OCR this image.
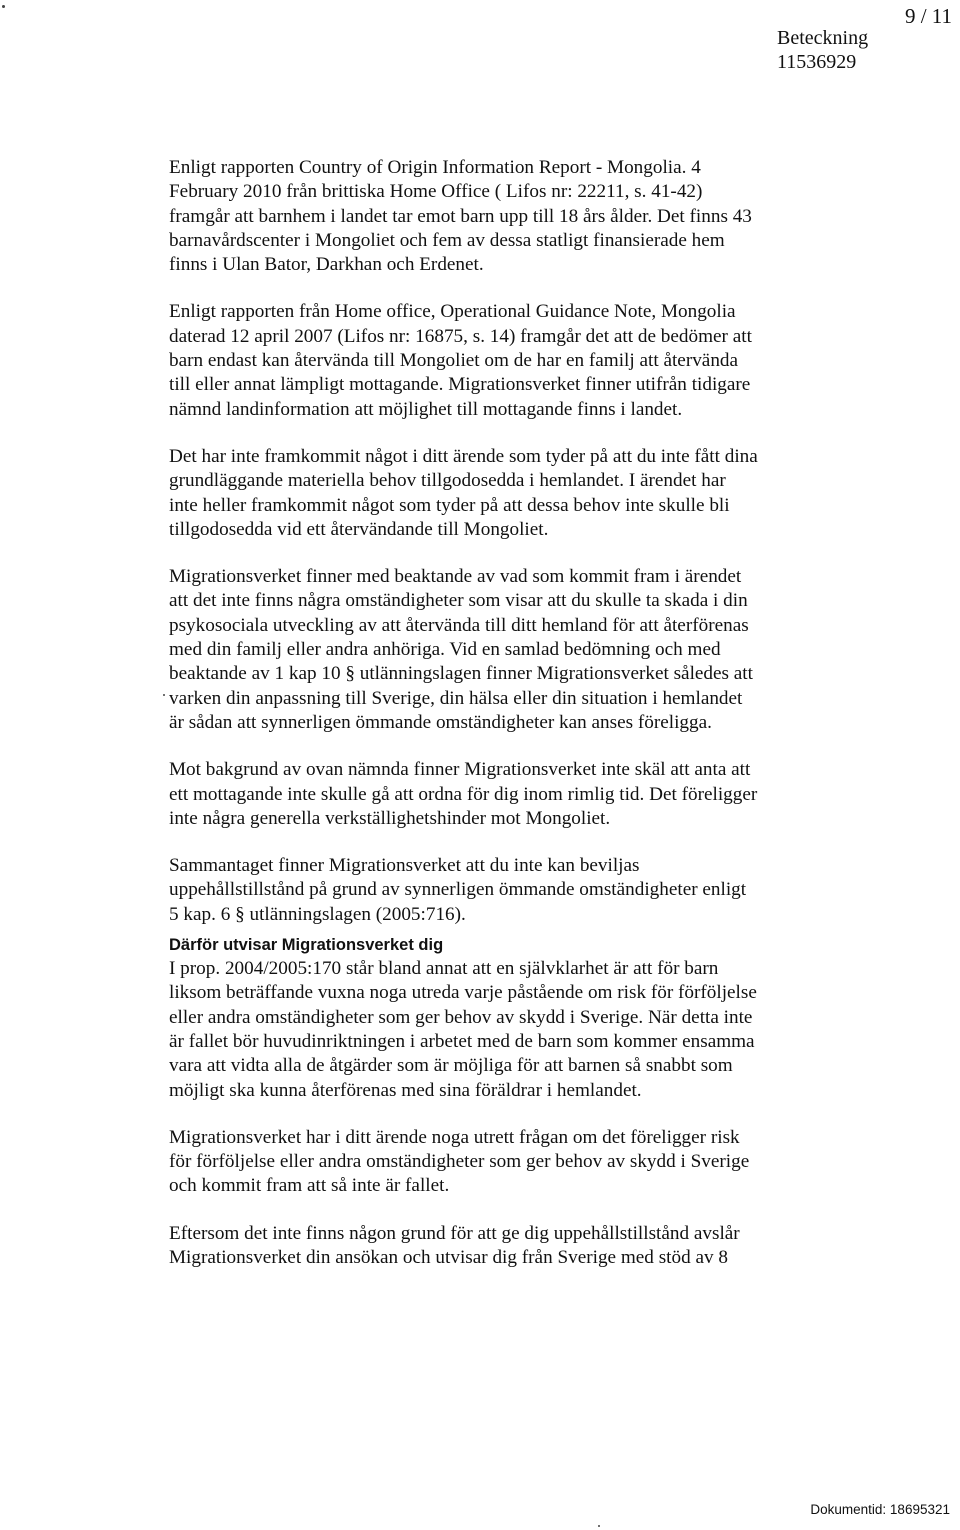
9 / 11
Beteckning
11536929

Enligt rapporten Country of Origin Information Report - Mongolia. 4
February 2010 från brittiska Home Office ( Lifos nr: 22211, s. 41-42)
framgår att barnhem i landet tar emot barn upp till 18 års ålder. Det finns 43
barnavårdscenter i Mongoliet och fem av dessa statligt finansierade hem
finns i Ulan Bator, Darkhan och Erdenet.

Enligt rapporten från Home office, Operational Guidance Note, Mongolia
daterad 12 april 2007 (Lifos nr: 16875, s. 14) framgår det att de bedömer att
barn endast kan återvända till Mongoliet om de har en familj att återvända
till eller annat lämpligt mottagande. Migrationsverket finner utifrån tidigare
nämnd landinformation att möjlighet till mottagande finns i landet.

Det har inte framkommit något i ditt ärende som tyder på att du inte fått dina
grundläggande materiella behov tillgodosedda i hemlandet. I ärendet har
inte heller framkommit något som tyder på att dessa behov inte skulle bli
tillgodosedda vid ett återvändande till Mongoliet.

Migrationsverket finner med beaktande av vad som kommit fram i ärendet
att det inte finns några omständigheter som visar att du skulle ta skada i din
psykosociala utveckling av att återvända till ditt hemland för att återförenas
med din familj eller andra anhöriga. Vid en samlad bedömning och med
beaktande av 1 kap 10 § utlänningslagen finner Migrationsverket således att
varken din anpassning till Sverige, din hälsa eller din situation i hemlandet
är sådan att synnerligen ömmande omständigheter kan anses föreligga.

Mot bakgrund av ovan nämnda finner Migrationsverket inte skäl att anta att
ett mottagande inte skulle gå att ordna för dig inom rimlig tid. Det föreligger
inte några generella verkställighetshinder mot Mongoliet.

Sammantaget finner Migrationsverket att du inte kan beviljas
uppehållstillstånd på grund av synnerligen ömmande omständigheter enligt
5 kap. 6 § utlänningslagen (2005:716).

Därför utvisar Migrationsverket dig

I prop. 2004/2005:170 står bland annat att en självklarhet är att för barn
liksom beträffande vuxna noga utreda varje påstående om risk för förföljelse
eller andra omständigheter som ger behov av skydd i Sverige. När detta inte
är fallet bör huvudinriktningen i arbetet med de barn som kommer ensamma
vara att vidta alla de åtgärder som är möjliga för att barnen så snabbt som
möjligt ska kunna återförenas med sina föräldrar i hemlandet.

Migrationsverket har i ditt ärende noga utrett frågan om det föreligger risk
för förföljelse eller andra omständigheter som ger behov av skydd i Sverige
och kommit fram att så inte är fallet.

Eftersom det inte finns någon grund för att ge dig uppehållstillstånd avslår
Migrationsverket din ansökan och utvisar dig från Sverige med stöd av 8

Dokumentid: 18695321
